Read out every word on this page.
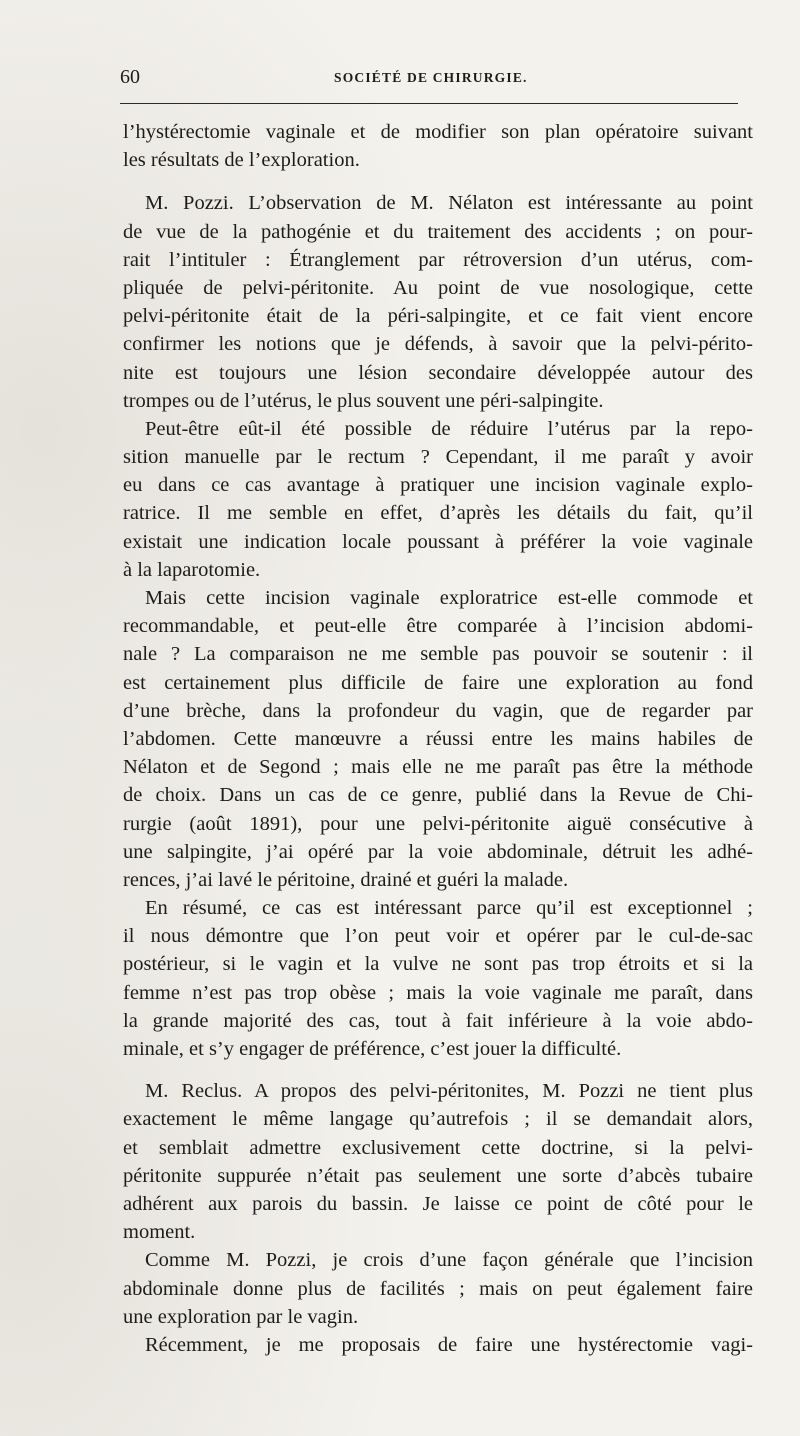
60	SOCIÉTÉ DE CHIRURGIE.
l’hystérectomie vaginale et de modifier son plan opératoire suivant
les résultats de l’exploration.
M. Pozzi. L’observation de M. Nélaton est intéressante au point
de vue de la pathogénie et du traitement des accidents ; on pour-
rait l’intituler : Étranglement par rétroversion d’un utérus, com-
pliquée de pelvi-péritonite. Au point de vue nosologique, cette
pelvi-péritonite était de la péri-salpingite, et ce fait vient encore
confirmer les notions que je défends, à savoir que la pelvi-périto-
nite est toujours une lésion secondaire développée autour des
trompes ou de l’utérus, le plus souvent une péri-salpingite.
Peut-être eût-il été possible de réduire l’utérus par la repo-
sition manuelle par le rectum ? Cependant, il me paraît y avoir
eu dans ce cas avantage à pratiquer une incision vaginale explo-
ratrice. Il me semble en effet, d’après les détails du fait, qu’il
existait une indication locale poussant à préférer la voie vaginale
à la laparotomie.
Mais cette incision vaginale exploratrice est-elle commode et
recommandable, et peut-elle être comparée à l’incision abdomi-
nale ? La comparaison ne me semble pas pouvoir se soutenir : il
est certainement plus difficile de faire une exploration au fond
d’une brèche, dans la profondeur du vagin, que de regarder par
l’abdomen. Cette manœuvre a réussi entre les mains habiles de
Nélaton et de Segond ; mais elle ne me paraît pas être la méthode
de choix. Dans un cas de ce genre, publié dans la Revue de Chi-
rurgie (août 1891), pour une pelvi-péritonite aiguë consécutive à
une salpingite, j’ai opéré par la voie abdominale, détruit les adhé-
rences, j’ai lavé le péritoine, drainé et guéri la malade.
En résumé, ce cas est intéressant parce qu’il est exceptionnel ;
il nous démontre que l’on peut voir et opérer par le cul-de-sac
postérieur, si le vagin et la vulve ne sont pas trop étroits et si la
femme n’est pas trop obèse ; mais la voie vaginale me paraît, dans
la grande majorité des cas, tout à fait inférieure à la voie abdo-
minale, et s’y engager de préférence, c’est jouer la difficulté.
M. Reclus. A propos des pelvi-péritonites, M. Pozzi ne tient plus
exactement le même langage qu’autrefois ; il se demandait alors,
et semblait admettre exclusivement cette doctrine, si la pelvi-
péritonite suppurée n’était pas seulement une sorte d’abcès tubaire
adhérent aux parois du bassin. Je laisse ce point de côté pour le
moment.
Comme M. Pozzi, je crois d’une façon générale que l’incision
abdominale donne plus de facilités ; mais on peut également faire
une exploration par le vagin.
Récemment, je me proposais de faire une hystérectomie vagi-
